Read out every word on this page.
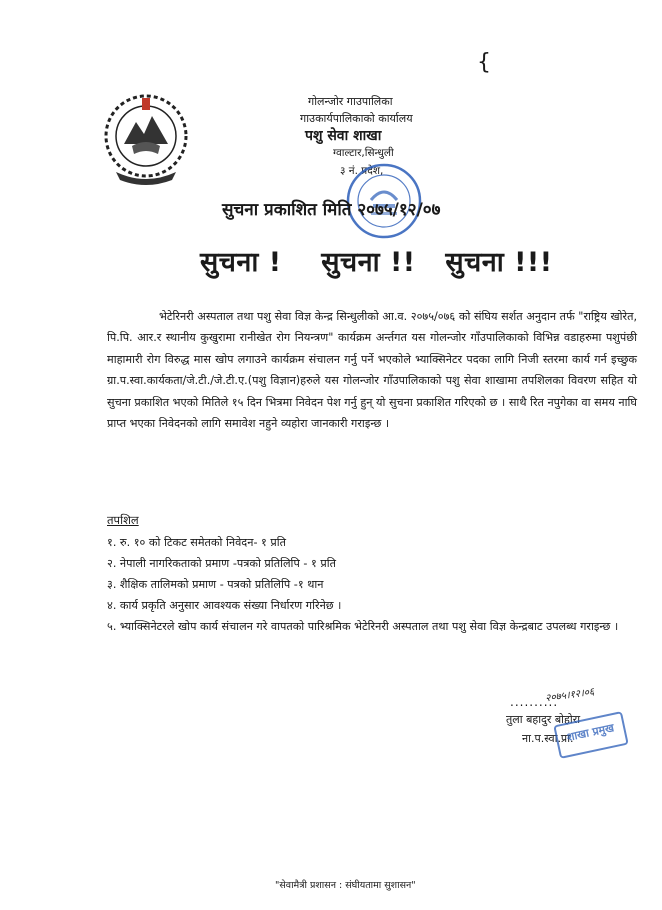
{
गोलन्जोर गाउपालिका
गाउकार्यपालिकाको कार्यालय
पशु सेवा शाखा
ग्वाल्टार,सिन्धुली
३ नं. प्रदेश,
सुचना प्रकाशित मिति २०७५/१२/०७
सुचना ! सुचना !! सुचना !!!
भेटेरिनरी अस्पताल तथा पशु सेवा विज्ञ केन्द्र सिन्धुलीको आ.व. २०७५/०७६ को संघिय सर्शत अनुदान तर्फ "राष्ट्रिय खोरेत, पि.पि. आर.र स्थानीय कुखुरामा रानीखेत रोग नियन्त्रण" कार्यक्रम अर्न्तगत यस गोलन्जोर गाँउपालिकाको विभिन्न वडाहरुमा पशुपंछी माहामारी रोग विरुद्ध मास खोप लगाउने कार्यक्रम संचालन गर्नु पर्ने भएकोले भ्याक्सिनेटर पदका लागि निजी स्तरमा कार्य गर्न इच्छुक ग्रा.प.स्वा.कार्यकता/जे.टी./जे.टी.ए.(पशु विज्ञान)हरुले यस गोलन्जोर गाँउपालिकाको पशु सेवा शाखामा तपशिलका विवरण सहित यो सुचना प्रकाशित भएको मितिले १५ दिन भित्रमा निवेदन पेश गर्नु हुन् यो सुचना प्रकाशित गरिएको छ । साथै रित नपुगेका वा समय नाघि प्राप्त भएका निवेदनको लागि समावेश नहुने व्यहोरा जानकारी गराइन्छ ।
तपशिल
१. रु. १० को टिकट समेतको निवेदन- १ प्रति
२. नेपाली नागरिकताको प्रमाण -पत्रको प्रतिलिपि - १ प्रति
३. शैक्षिक तालिमको प्रमाण - पत्रको प्रतिलिपि -१ थान
४. कार्य प्रकृति अनुसार आवश्यक संख्या निर्धारण गरिनेछ ।
५. भ्याक्सिनेटरले खोप कार्य संचालन गरे वापतको पारिश्रमिक भेटेरिनरी अस्पताल तथा पशु सेवा विज्ञ केन्द्रबाट उपलब्ध गराइन्छ ।
..........
२०७५।१२।०६
तुला बहादुर बोहोरा
ना.प.स्वा.प्रा.
शाखा प्रमुख
"सेवामैत्री प्रशासन : संघीयतामा सुशासन"
